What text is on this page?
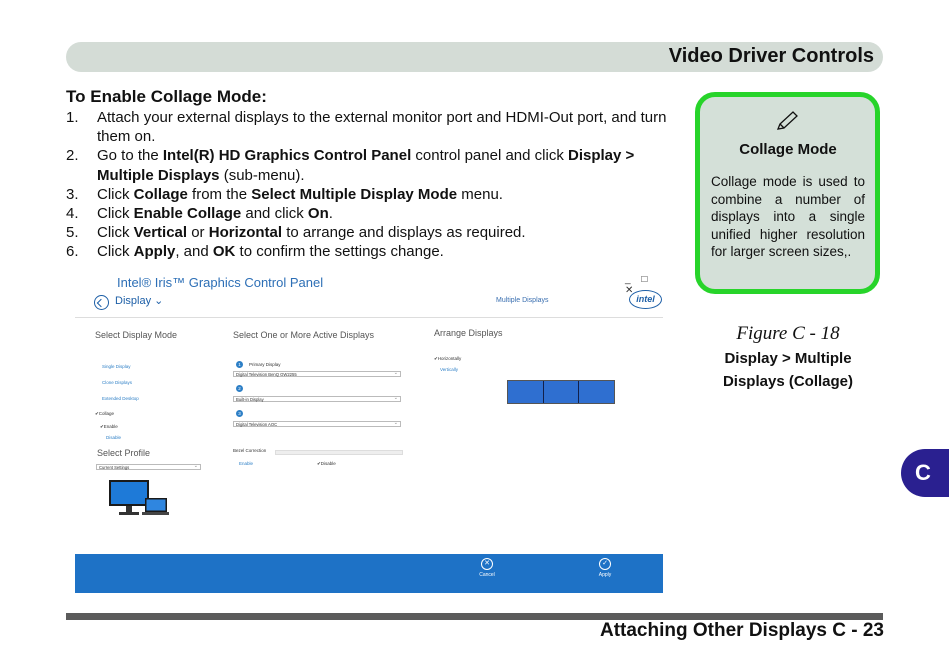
Video Driver Controls
To Enable Collage Mode:
1. Attach your external displays to the external monitor port and HDMI-Out port, and turn them on.
2. Go to the Intel(R) HD Graphics Control Panel control panel and click Display > Multiple Displays (sub-menu).
3. Click Collage from the Select Multiple Display Mode menu.
4. Click Enable Collage and click On.
5. Click Vertical or Horizontal to arrange and displays as required.
6. Click Apply, and OK to confirm the settings change.
Collage Mode
Collage mode is used to combine a number of displays into a single unified higher resolution for larger screen sizes,.
Figure C - 18
Display > Multiple Displays (Collage)
C
Attaching Other Displays C - 23
Intel® Iris™ Graphics Control Panel
Display ⌄	Multiple Displays
_ □ ✕
intel
Select Display Mode
Single Display
Clone Displays
Extended Desktop
✔Collage
✔Enable
Disable
Select Profile
Current Settings ⌄
Select One or More Active Displays
1	Primary Display
Digital Television BenQ GW2255 ⌄
2
Built-in Display ⌄
3
Digital Television AOC ⌄
Bezel Correction
Enable	✔Disable
Arrange Displays
✔Horizontally
Vertically
✕
Cancel
✓
Apply
